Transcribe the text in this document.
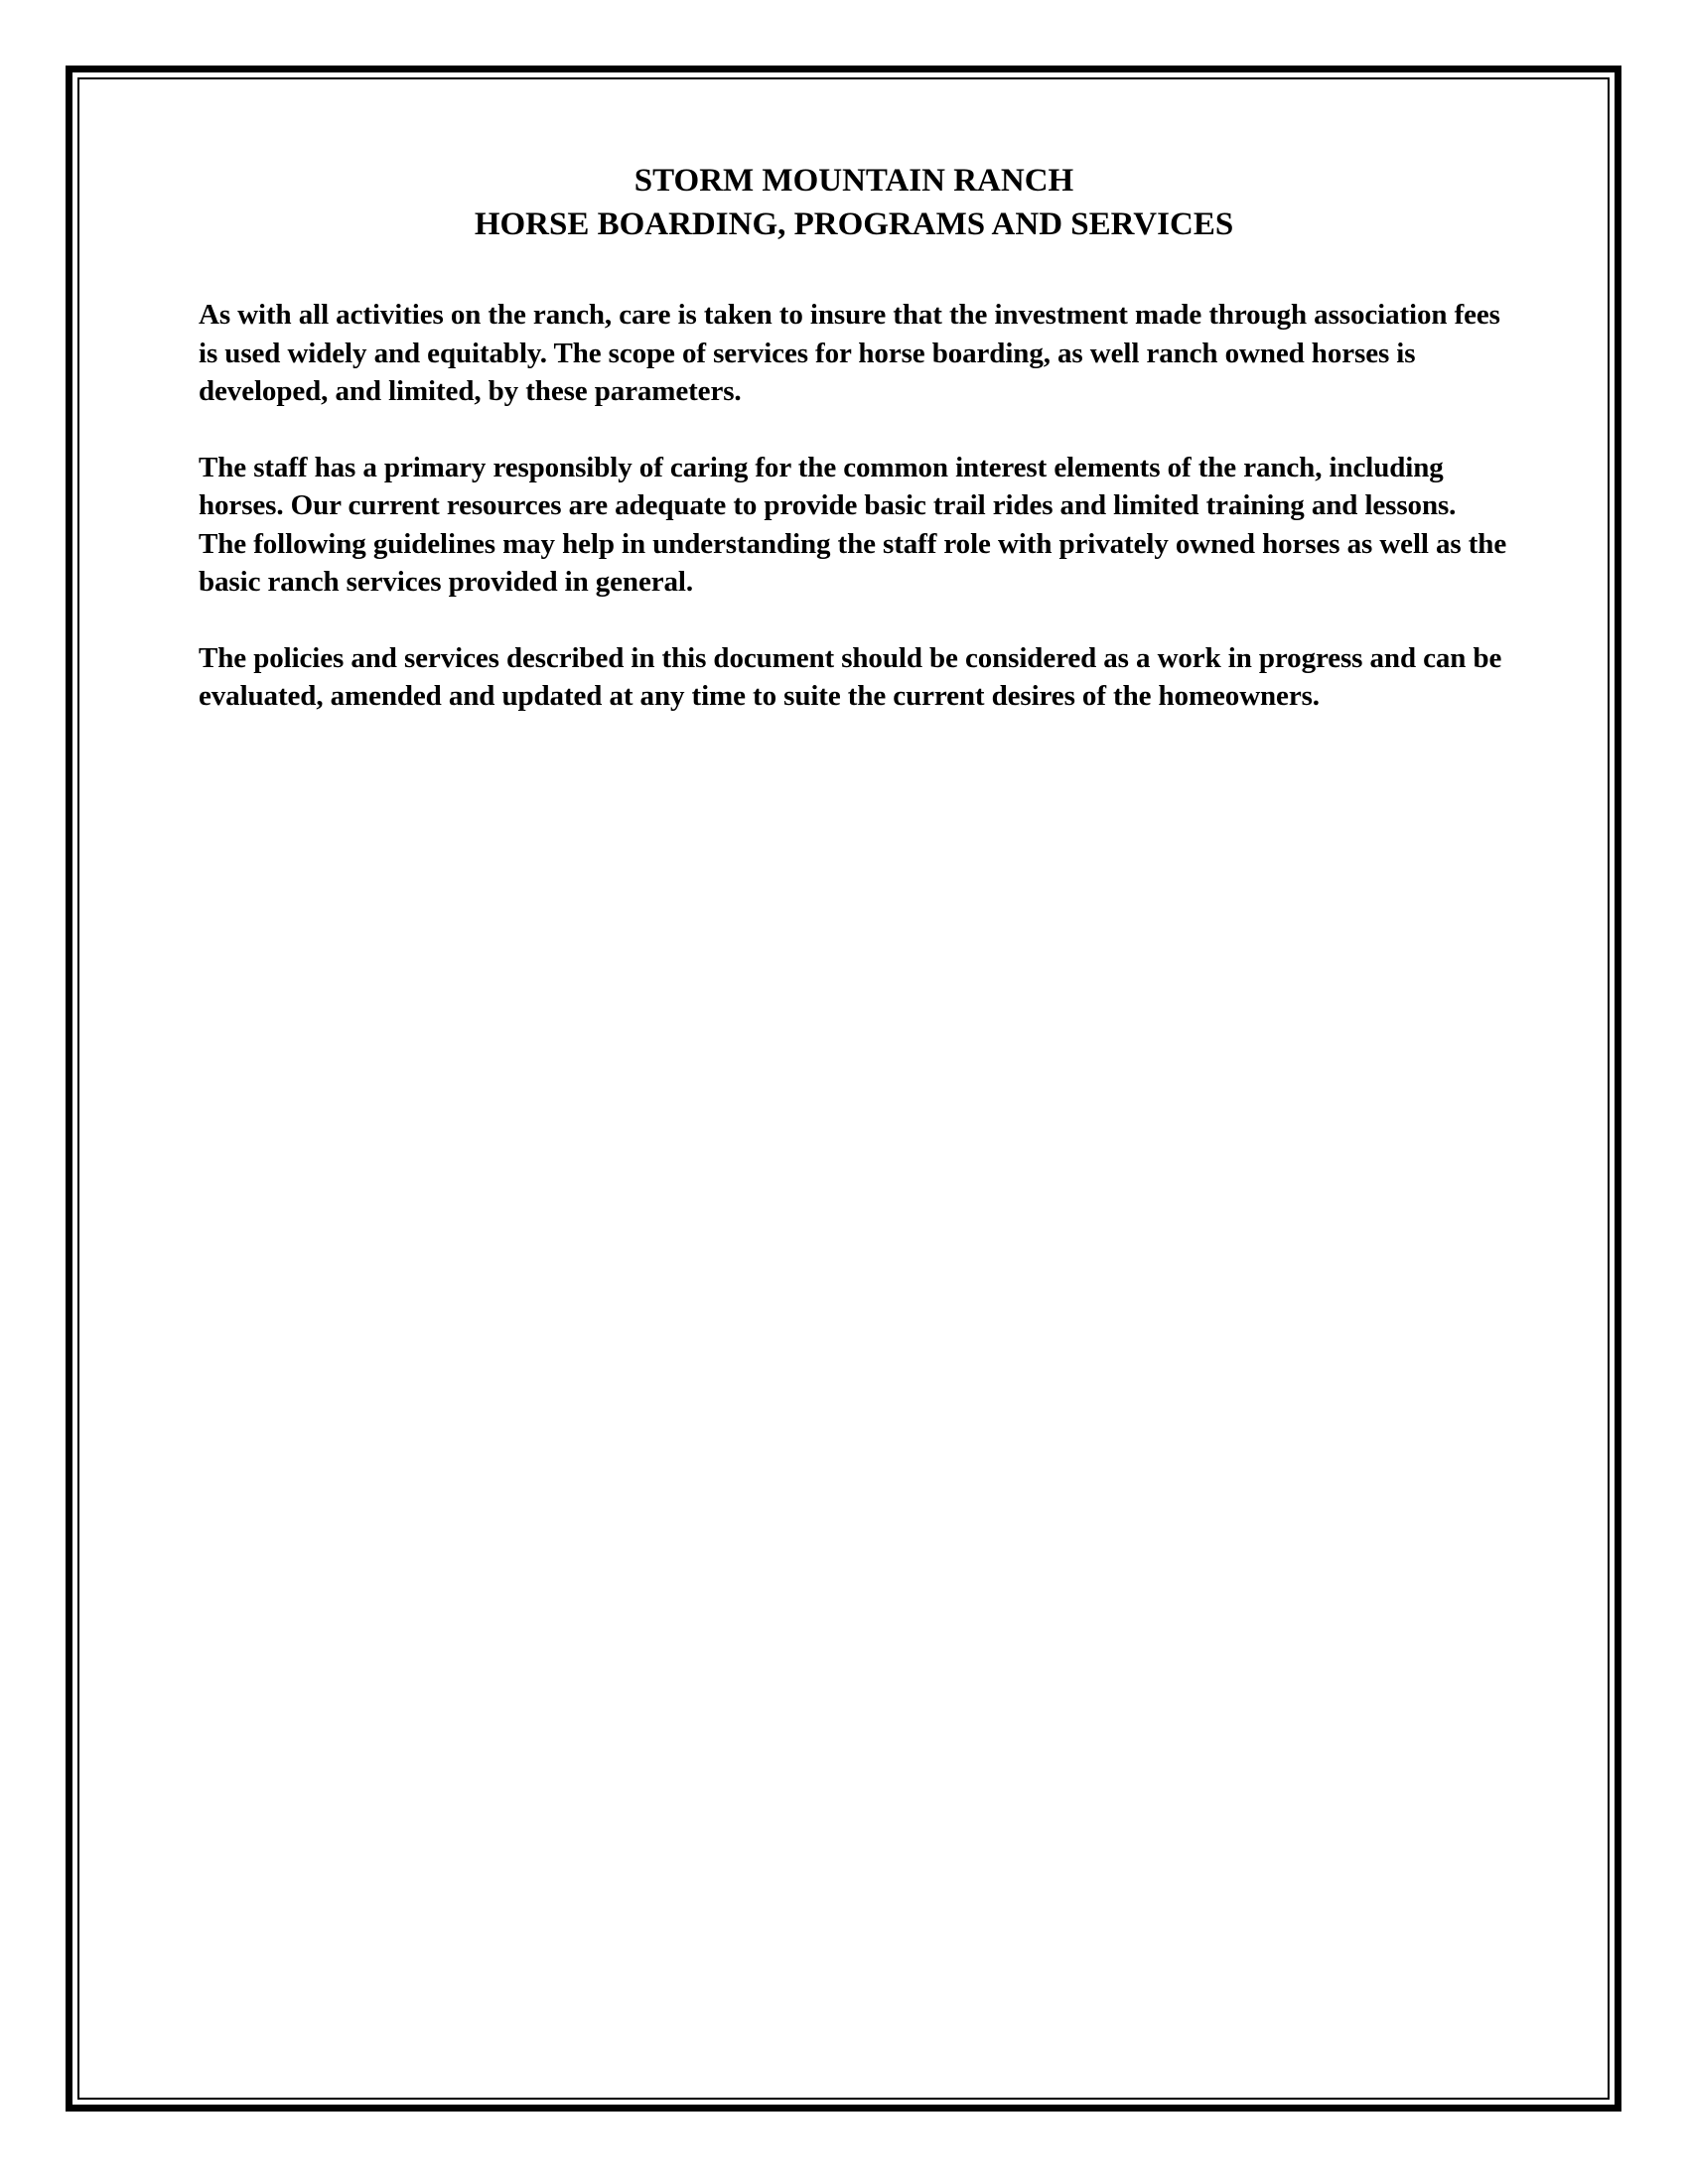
STORM MOUNTAIN RANCH
HORSE BOARDING, PROGRAMS AND SERVICES

As with all activities on the ranch, care is taken to insure that the investment made through association fees is used widely and equitably. The scope of services for horse boarding, as well ranch owned horses is developed, and limited, by these parameters.

The staff has a primary responsibly of caring for the common interest elements of the ranch, including horses. Our current resources are adequate to provide basic trail rides and limited training and lessons. The following guidelines may help in understanding the staff role with privately owned horses as well as the basic ranch services provided in general.

The policies and services described in this document should be considered as a work in progress and can be evaluated, amended and updated at any time to suite the current desires of the homeowners.
